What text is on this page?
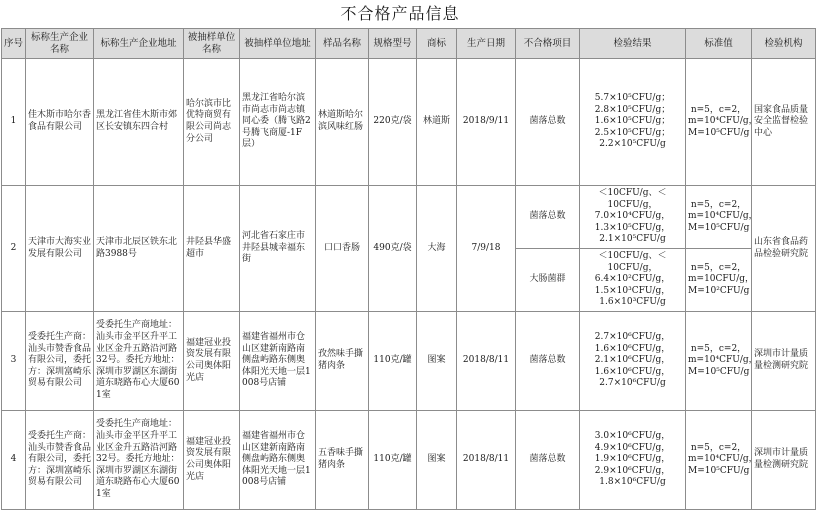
不合格产品信息
序号	标称生产企业名称	标称生产企业地址	被抽样单位名称	被抽样单位地址	样品名称	规格型号	商标	生产日期	不合格项目	检验结果	标准值	检验机构
1	佳木斯市哈尔香食品有限公司	黑龙江省佳木斯市郊区长安镇东四合村	哈尔滨市比优特商贸有限公司尚志分公司	黑龙江省哈尔滨市尚志市尚志镇同心委（腾飞路2号腾飞商厦-1F层）	林道斯哈尔滨风味红肠	220克/袋	林道斯	2018/9/11	菌落总数	5.7×10⁵CFU/g；
2.8×10⁵CFU/g；
1.6×10⁵CFU/g；
2.5×10⁵CFU/g；
2.2×10⁵CFU/g	n=5，c=2，
m=10⁴CFU/g，
M=10⁵CFU/g	国家食品质量安全监督检验中心
2	天津市大海实业发展有限公司	天津市北辰区铁东北路3988号	井陉县华盛超市	河北省石家庄市井陉县城幸福东街	口口香肠	490克/袋	大海	7/9/18	菌落总数	＜10CFU/g、＜
10CFU/g，
7.0×10⁴CFU/g，
1.3×10⁵CFU/g，
2.1×10⁵CFU/g	n=5，c=2，
m=10⁴CFU/g，
M=10⁵CFU/g	山东省食品药品检验研究院
									大肠菌群	＜10CFU/g、＜
10CFU/g，
6.4×10²CFU/g，
1.5×10³CFU/g，
1.6×10³CFU/g	n=5，c=2，
m=10CFU/g，
M=10²CFU/g	

3	受委托生产商：汕头市赞香食品有限公司，委托方：深圳富崎乐贸易有限公司	受委托生产商地址：汕头市金平区升平工业区金升五路沿河路32号。委托方地址：深圳市罗湖区东湖街道东晓路布心大厦601室	福建冠业投资发展有限公司奥体阳光店	福建省福州市仓山区建新南路南侧盘屿路东侧奥体阳光天地一层1008号店铺	孜然味手撕猪肉条	110克/罐	图案	2018/8/11	菌落总数	2.7×10⁶CFU/g，
1.6×10⁶CFU/g，
2.1×10⁶CFU/g，
1.6×10⁶CFU/g，
2.7×10⁶CFU/g	n=5，c=2，
m=10⁴CFU/g，
M=10⁵CFU/g	深圳市计量质量检测研究院
4	受委托生产商：汕头市赞香食品有限公司，委托方：深圳富崎乐贸易有限公司	受委托生产商地址：汕头市金平区升平工业区金升五路沿河路32号。委托方地址：深圳市罗湖区东湖街道东晓路布心大厦601室	福建冠业投资发展有限公司奥体阳光店	福建省福州市仓山区建新南路南侧盘屿路东侧奥体阳光天地一层1008号店铺	五香味手撕猪肉条	110克/罐	图案	2018/8/11	菌落总数	3.0×10⁶CFU/g，
4.9×10⁶CFU/g，
1.9×10⁶CFU/g，
2.9×10⁶CFU/g，
1.8×10⁶CFU/g	n=5，c=2，
m=10⁴CFU/g，
M=10⁵CFU/g	深圳市计量质量检测研究院
